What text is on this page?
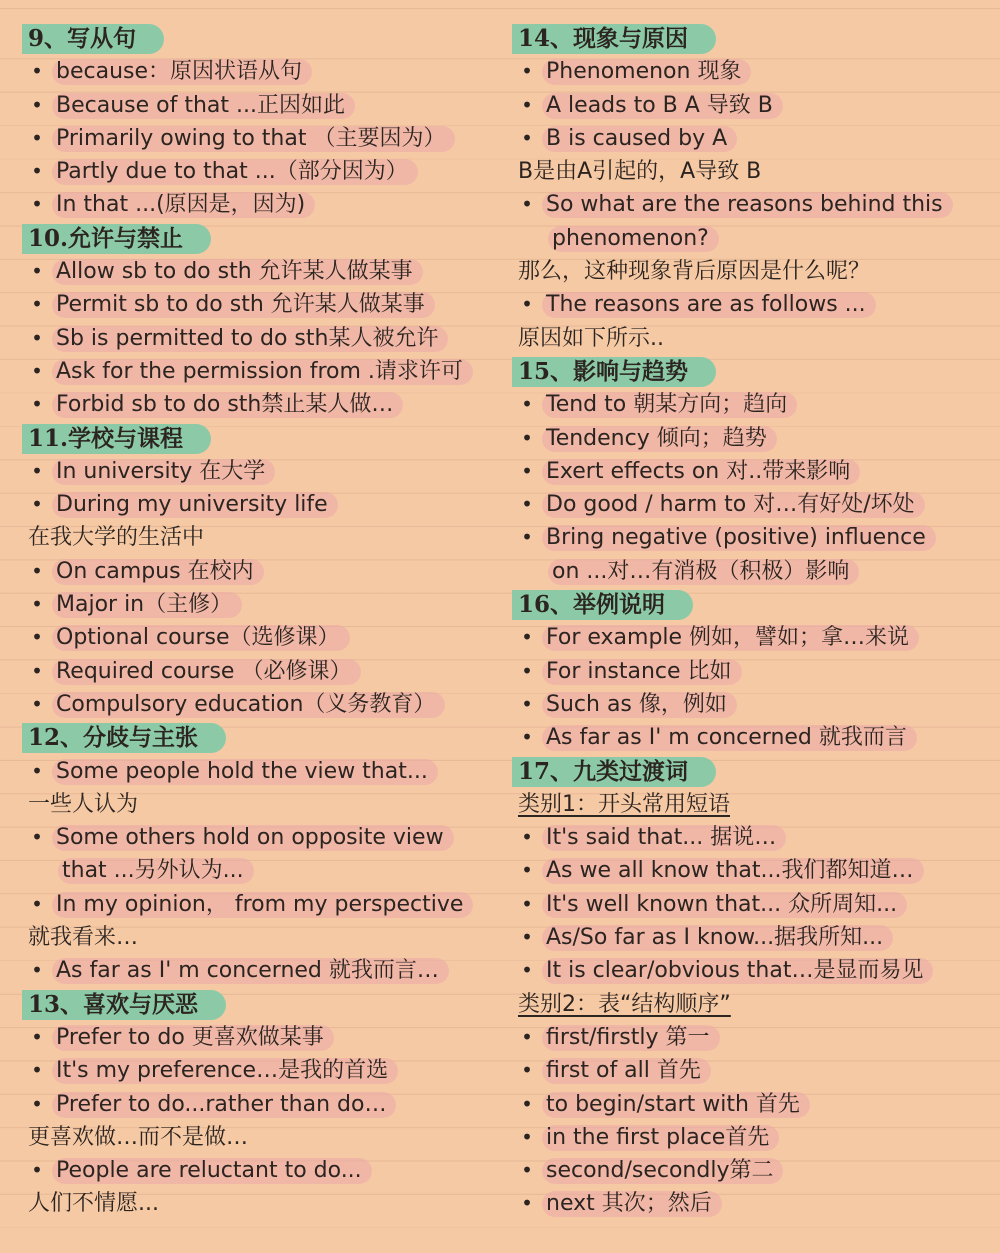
9、写从句
• because：原因状语从句
• Because of that ...正因如此
• Primarily owing to that （主要因为）
• Partly due to that ...（部分因为）
• In that ...(原因是，因为)
10.允许与禁止
• Allow sb to do sth 允许某人做某事
• Permit sb to do sth 允许某人做某事
• Sb is permitted to do sth某人被允许
• Ask for the permission from .请求许可
• Forbid sb to do sth禁止某人做…
11.学校与课程
• In university 在大学
• During my university life
在我大学的生活中
• On campus 在校内
• Major in（主修）
• Optional course（选修课）
• Required course （必修课）
• Compulsory education（义务教育）
12、分歧与主张
• Some people hold the view that...
一些人认为
• Some others hold on opposite view
that ...另外认为...
• In my opinion， from my perspective
就我看来…
• As far as I' m concerned 就我而言…
13、喜欢与厌恶
• Prefer to do 更喜欢做某事
• It's my preference…是我的首选
• Prefer to do...rather than do…
更喜欢做…而不是做…
• People are reluctant to do...
人们不情愿...
14、现象与原因
• Phenomenon 现象
• A leads to B A 导致 B
• B is caused by A
B是由A引起的，A导致 B
• So what are the reasons behind this
phenomenon?
那么，这种现象背后原因是什么呢？
• The reasons are as follows ...
原因如下所示..
15、影响与趋势
• Tend to 朝某方向；趋向
• Tendency 倾向；趋势
• Exert effects on 对..带来影响
• Do good / harm to 对…有好处/坏处
• Bring negative (positive) influence
on ...对…有消极（积极）影响
16、举例说明
• For example 例如，譬如；拿…来说
• For instance 比如
• Such as 像，例如
• As far as I' m concerned 就我而言
17、九类过渡词
类别1：开头常用短语
• It's said that... 据说…
• As we all know that...我们都知道…
• It's well known that... 众所周知...
• As/So far as I know...据我所知...
• It is clear/obvious that…是显而易见
类别2：表“结构顺序”
• first/firstly 第一
• first of all 首先
• to begin/start with 首先
• in the first place首先
• second/secondly第二
• next 其次；然后
